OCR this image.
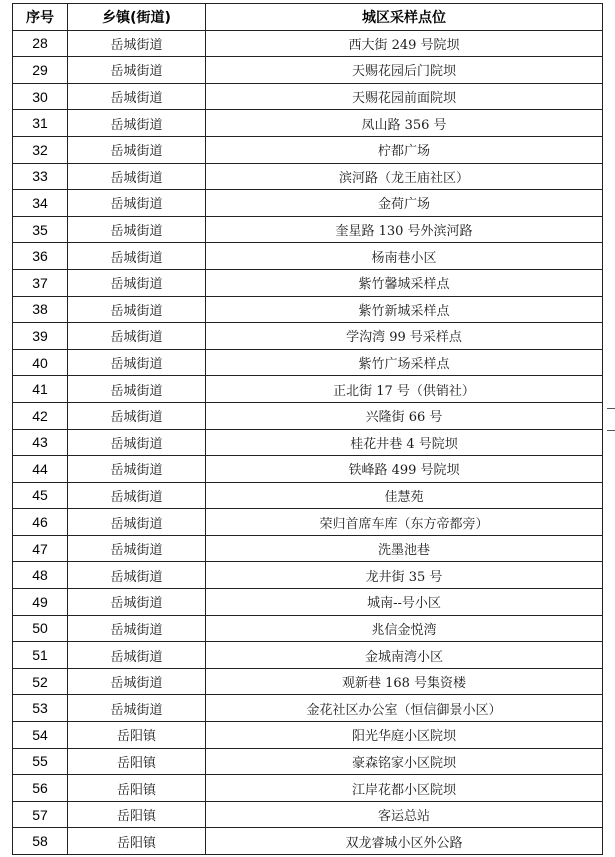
序号	乡镇(街道)	城区采样点位
28	岳城街道	西大街 249 号院坝
29	岳城街道	天赐花园后门院坝
30	岳城街道	天赐花园前面院坝
31	岳城街道	凤山路 356 号
32	岳城街道	柠都广场
33	岳城街道	滨河路（龙王庙社区）
34	岳城街道	金荷广场
35	岳城街道	奎星路 130 号外滨河路
36	岳城街道	杨南巷小区
37	岳城街道	紫竹馨城采样点
38	岳城街道	紫竹新城采样点
39	岳城街道	学沟湾 99 号采样点
40	岳城街道	紫竹广场采样点
41	岳城街道	正北街 17 号（供销社）
42	岳城街道	兴隆街 66 号
43	岳城街道	桂花井巷 4 号院坝
44	岳城街道	铁峰路 499 号院坝
45	岳城街道	佳慧苑
46	岳城街道	荣归首席车库（东方帝都旁）
47	岳城街道	洗墨池巷
48	岳城街道	龙井街 35 号
49	岳城街道	城南--号小区
50	岳城街道	兆信金悦湾
51	岳城街道	金城南湾小区
52	岳城街道	观新巷 168 号集资楼
53	岳城街道	金花社区办公室（恒信御景小区）
54	岳阳镇	阳光华庭小区院坝
55	岳阳镇	豪森铭家小区院坝
56	岳阳镇	江岸花都小区院坝
57	岳阳镇	客运总站
58	岳阳镇	双龙睿城小区外公路
